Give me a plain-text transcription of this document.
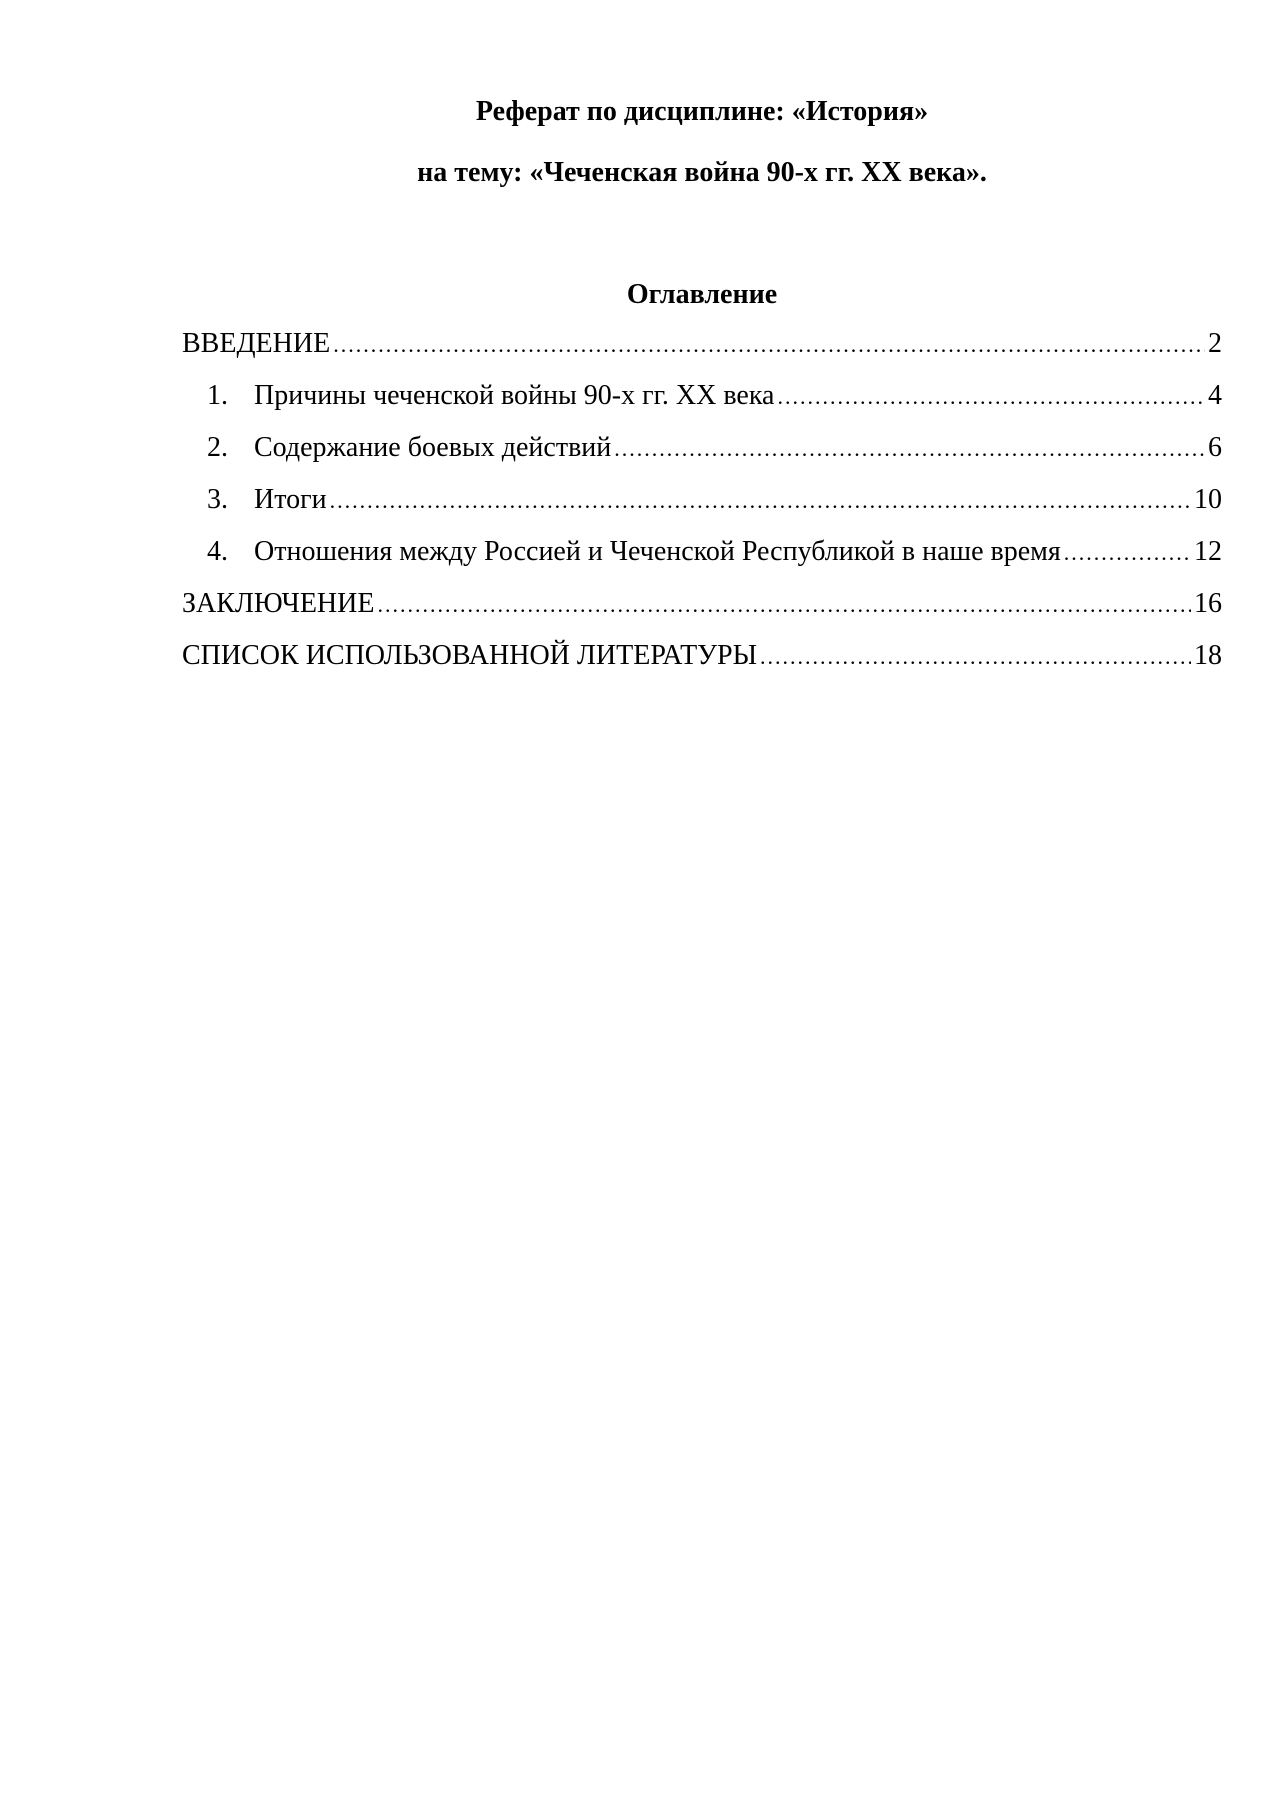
Реферат по дисциплине: «История»
на тему: «Чеченская война 90-х гг. XX века».
Оглавление
ВВЕДЕНИЕ .....	2
1. Причины чеченской войны 90-х гг. XX века .....	4
2. Содержание боевых действий .....	6
3. Итоги .....	10
4. Отношения между Россией и Чеченской Республикой в наше время .....	12
ЗАКЛЮЧЕНИЕ .....	16
СПИСОК ИСПОЛЬЗОВАННОЙ ЛИТЕРАТУРЫ .....	18
